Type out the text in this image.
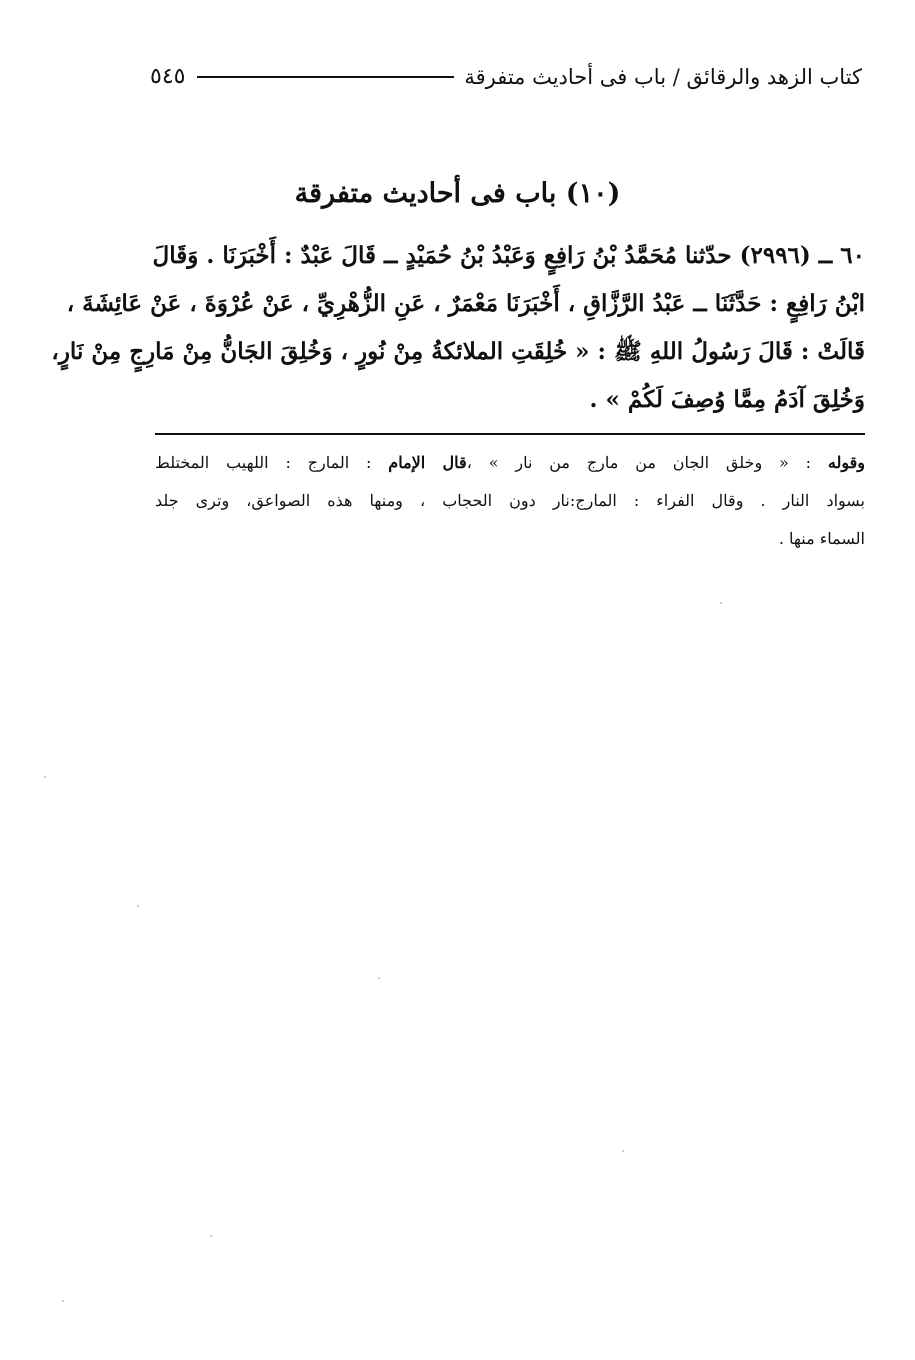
٥٤٥	كتاب الزهد والرقائق / باب فى أحاديث متفرقة
(١٠) باب فى أحاديث متفرقة
٦٠ ــ (٢٩٩٦) حدّثنا مُحَمَّدُ بْنُ رَافِعٍ وَعَبْدُ بْنُ حُمَيْدٍ ــ قَالَ عَبْدٌ : أَخْبَرَنَا . وَقَالَ
ابْنُ رَافِعٍ : حَدَّثَنَا ــ عَبْدُ الرَّزَّاقِ ، أَخْبَرَنَا مَعْمَرٌ ، عَنِ الزُّهْرِيِّ ، عَنْ عُرْوَةَ ، عَنْ عَائِشَةَ ،
قَالَتْ : قَالَ رَسُولُ اللهِ ﷺ : « خُلِقَتِ الملائكةُ مِنْ نُورٍ ، وَخُلِقَ الجَانُّ مِنْ مَارِجٍ مِنْ نَارٍ،
وَخُلِقَ آدَمُ مِمَّا وُصِفَ لَكُمْ » .
وقوله : « وخلق الجان من مارج من نار » ،قال الإمام : المارج : اللهيب المختلط
بسواد النار . وقال الفراء : المارج:نار دون الحجاب ، ومنها هذه الصواعق، وترى جلد
السماء منها .
